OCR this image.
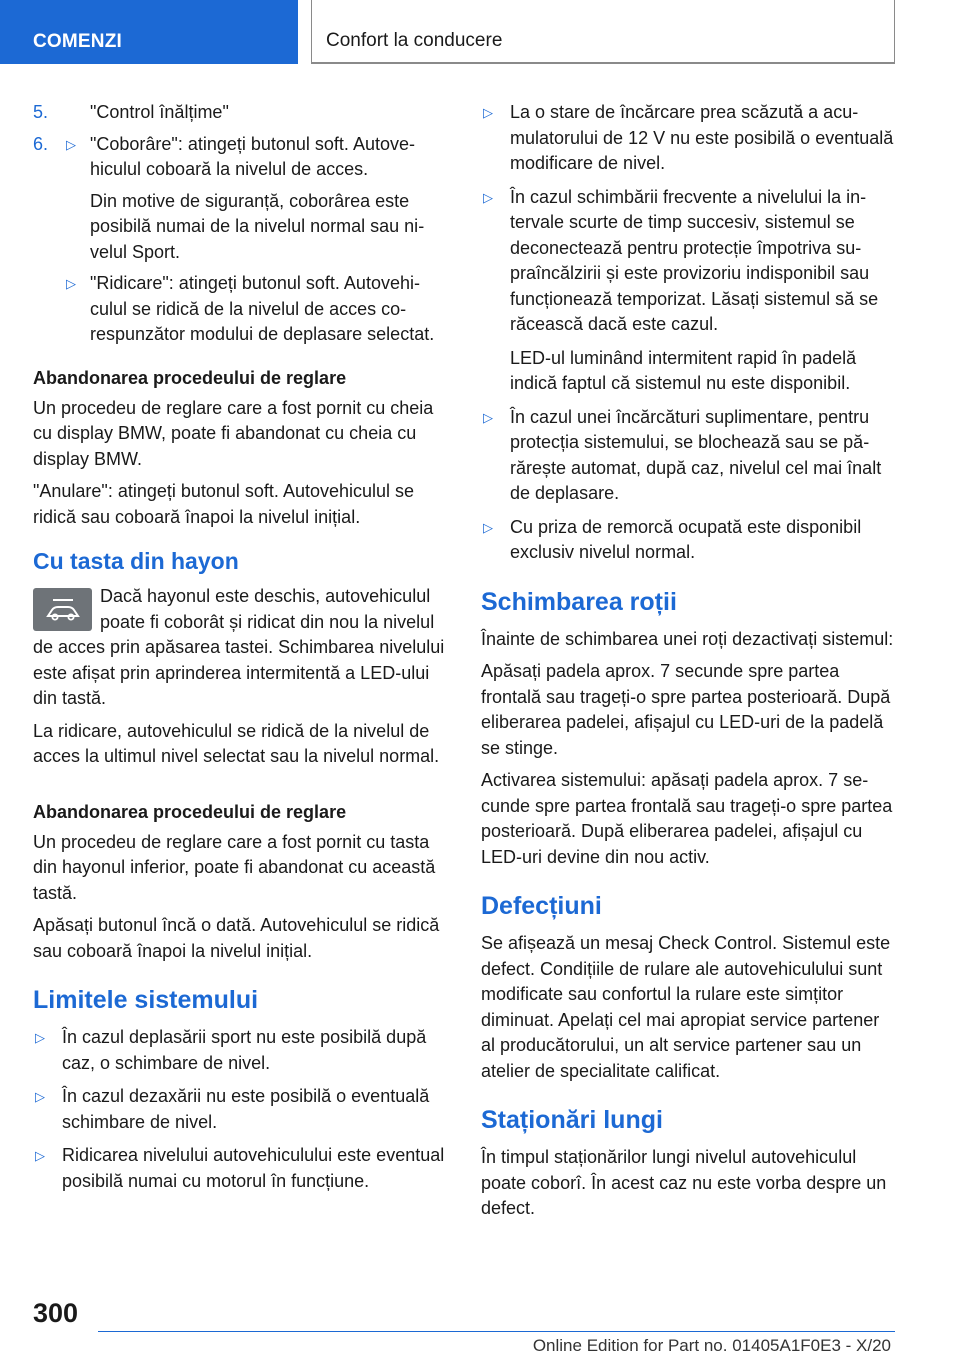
COMENZI	Confort la conducere
5. "Control înălțime"
6. ▷ "Coborâre": atingeți butonul soft. Autovehiculul coboară la nivelul de acces.
Din motive de siguranță, coborârea este posibilă numai de la nivelul normal sau nivelul Sport.
▷ "Ridicare": atingeți butonul soft. Autovehiculul se ridică de la nivelul de acces corespunzător modului de deplasare selectat.
Abandonarea procedeului de reglare

Un procedeu de reglare care a fost pornit cu cheia cu display BMW, poate fi abandonat cu cheia cu display BMW.

"Anulare": atingeți butonul soft. Autovehiculul se ridică sau coboară înapoi la nivelul inițial.

Cu tasta din hayon

Dacă hayonul este deschis, autovehiculul poate fi coborât și ridicat din nou la nivelul de acces prin apăsarea tastei. Schimbarea nivelului este afișat prin aprinderea intermitentă a LED-ului din tastă.

La ridicare, autovehiculul se ridică de la nivelul de acces la ultimul nivel selectat sau la nivelul normal.

Abandonarea procedeului de reglare

Un procedeu de reglare care a fost pornit cu tasta din hayonul inferior, poate fi abandonat cu această tastă.

Apăsați butonul încă o dată. Autovehiculul se ridică sau coboară înapoi la nivelul inițial.

Limitele sistemului
▷ În cazul deplasării sport nu este posibilă după caz, o schimbare de nivel.
▷ În cazul dezaxării nu este posibilă o eventuală schimbare de nivel.
▷ Ridicarea nivelului autovehiculului este eventual posibilă numai cu motorul în funcțiune.
▷ La o stare de încărcare prea scăzută a acumulatorului de 12 V nu este posibilă o eventuală modificare de nivel.
▷ În cazul schimbării frecvente a nivelului la intervale scurte de timp succesiv, sistemul se deconectează pentru protecție împotriva supraîncălzirii și este provizoriu indisponibil sau funcționează temporizat. Lăsați sistemul să se răcească dacă este cazul.
LED-ul luminând intermitent rapid în padelă indică faptul că sistemul nu este disponibil.
▷ În cazul unei încărcături suplimentare, pentru protecția sistemului, se blochează sau se părărește automat, după caz, nivelul cel mai înalt de deplasare.
▷ Cu priza de remorcă ocupată este disponibil exclusiv nivelul normal.
Schimbarea roții

Înainte de schimbarea unei roți dezactivați sistemul:

Apăsați padela aprox. 7 secunde spre partea frontală sau trageți-o spre partea posterioară. După eliberarea padelei, afișajul cu LED-uri de la padelă se stinge.

Activarea sistemului: apăsați padela aprox. 7 secunde spre partea frontală sau trageți-o spre partea posterioară. După eliberarea padelei, afișajul cu LED-uri devine din nou activ.

Defecțiuni

Se afișează un mesaj Check Control. Sistemul este defect. Condițiile de rulare ale autovehiculului sunt modificate sau confortul la rulare este simțitor diminuat. Apelați cel mai apropiat service partener al producătorului, un alt service partener sau un atelier de specialitate calificat.

Staționări lungi

În timpul staționărilor lungi nivelul autovehiculul poate coborî. În acest caz nu este vorba despre un defect.

300
Online Edition for Part no. 01405A1F0E3 - X/20
